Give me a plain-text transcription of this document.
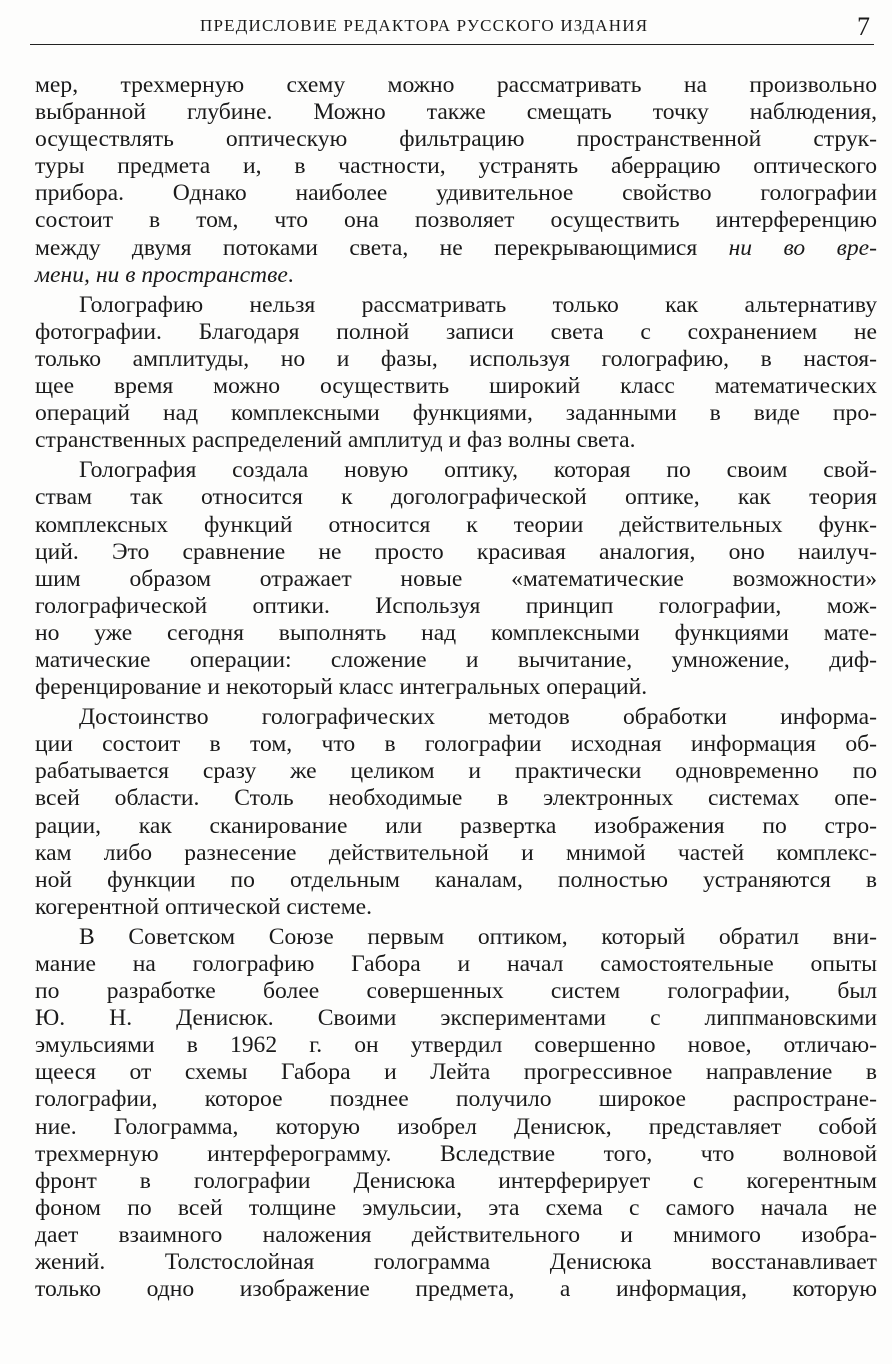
ПРЕДИСЛОВИЕ РЕДАКТОРА РУССКОГО ИЗДАНИЯ	7
мер, трехмерную схему можно рассматривать на произвольно
выбранной глубине. Можно также смещать точку наблюдения,
осуществлять оптическую фильтрацию пространственной струк-
туры предмета и, в частности, устранять аберрацию оптического
прибора. Однако наиболее удивительное свойство голографии
состоит в том, что она позволяет осуществить интерференцию
между двумя потоками света, не перекрывающимися ни во вре-
мени, ни в пространстве.
Голографию нельзя рассматривать только как альтернативу
фотографии. Благодаря полной записи света с сохранением не
только амплитуды, но и фазы, используя голографию, в настоя-
щее время можно осуществить широкий класс математических
операций над комплексными функциями, заданными в виде про-
странственных распределений амплитуд и фаз волны света.
Голография создала новую оптику, которая по своим свой-
ствам так относится к доголографической оптике, как теория
комплексных функций относится к теории действительных функ-
ций. Это сравнение не просто красивая аналогия, оно наилуч-
шим образом отражает новые «математические возможности»
голографической оптики. Используя принцип голографии, мож-
но уже сегодня выполнять над комплексными функциями мате-
матические операции: сложение и вычитание, умножение, диф-
ференцирование и некоторый класс интегральных операций.
Достоинство голографических методов обработки информа-
ции состоит в том, что в голографии исходная информация об-
рабатывается сразу же целиком и практически одновременно по
всей области. Столь необходимые в электронных системах опе-
рации, как сканирование или развертка изображения по стро-
кам либо разнесение действительной и мнимой частей комплекс-
ной функции по отдельным каналам, полностью устраняются в
когерентной оптической системе.
В Советском Союзе первым оптиком, который обратил вни-
мание на голографию Габора и начал самостоятельные опыты
по разработке более совершенных систем голографии, был
Ю. Н. Денисюк. Своими экспериментами с липпмановскими
эмульсиями в 1962 г. он утвердил совершенно новое, отличаю-
щееся от схемы Габора и Лейта прогрессивное направление в
голографии, которое позднее получило широкое распростране-
ние. Голограмма, которую изобрел Денисюк, представляет собой
трехмерную интерферограмму. Вследствие того, что волновой
фронт в голографии Денисюка интерферирует с когерентным
фоном по всей толщине эмульсии, эта схема с самого начала не
дает взаимного наложения действительного и мнимого изобра-
жений. Толстослойная голограмма Денисюка восстанавливает
только одно изображение предмета, а информация, которую
